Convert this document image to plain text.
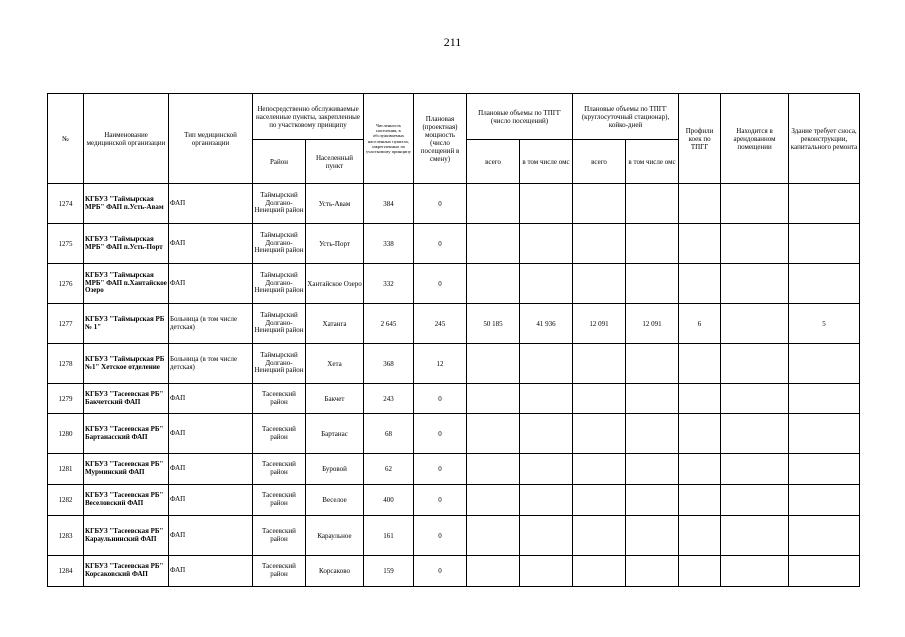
211
№	Наименование медицинской организации	Тип медицинской организации	Непосредственно обслуживаемые населенные пункты, закрепленные по участковому принципу		Численность населения, в обслуживаемых населенных пунктах, закрепленных по участковому принципу	Плановая (проектная) мощность (число посещений в смену)	Плановые объемы по ТПГГ (число посещений)		Плановые объемы по ТПГГ (круглосуточный стационар), койко-дней		Профили коек по ТПГГ	Находится в арендованном помещении	Здание требует сноса, реконструкции, капитального ремонта
			Район	Населенный пункт			всего	в том числе омс	всего	в том числе омс			
1274	КГБУЗ "Таймырская МРБ" ФАП п.Усть-Авам	ФАП	Таймырский Долгано-Ненецкий район	Усть-Авам	384	0							
1275	КГБУЗ "Таймырская МРБ" ФАП п.Усть-Порт	ФАП	Таймырский Долгано-Ненецкий район	Усть-Порт	338	0							
1276	КГБУЗ "Таймырская МРБ" ФАП п.Хантайское Озеро	ФАП	Таймырский Долгано-Ненецкий район	Хантайское Озеро	332	0							
1277	КГБУЗ "Таймырская РБ № 1"	Больница (в том числе детская)	Таймырский Долгано-Ненецкий район	Хатанга	2 645	245	50 185	41 936	12 091	12 091	6		5
1278	КГБУЗ "Таймырская РБ №1" Хетское отделение	Больница (в том числе детская)	Таймырский Долгано-Ненецкий район	Хета	368	12							
1279	КГБУЗ "Тасеевская РБ" Бакчетский ФАП	ФАП	Тасеевский район	Бакчет	243	0							
1280	КГБУЗ "Тасеевская РБ" Бартанасский ФАП	ФАП	Тасеевский район	Бартанас	68	0							
1281	КГБУЗ "Тасеевская РБ" Мурминский ФАП	ФАП	Тасеевский район	Буровой	62	0							
1282	КГБУЗ "Тасеевская РБ" Веселовский ФАП	ФАП	Тасеевский район	Веселое	400	0							
1283	КГБУЗ "Тасеевская РБ" Караульнинский ФАП	ФАП	Тасеевский район	Караульное	161	0							
1284	КГБУЗ "Тасеевская РБ" Корсаковский ФАП	ФАП	Тасеевский район	Корсаково	159	0							
